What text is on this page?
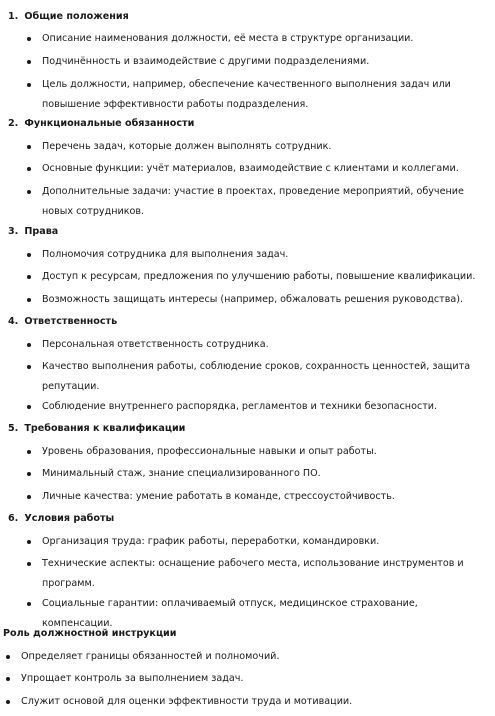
1. Общие положения
Описание наименования должности, её места в структуре организации.
Подчинённость и взаимодействие с другими подразделениями.
Цель должности, например, обеспечение качественного выполнения задач или повышение эффективности работы подразделения.
2. Функциональные обязанности
Перечень задач, которые должен выполнять сотрудник.
Основные функции: учёт материалов, взаимодействие с клиентами и коллегами.
Дополнительные задачи: участие в проектах, проведение мероприятий, обучение новых сотрудников.
3. Права
Полномочия сотрудника для выполнения задач.
Доступ к ресурсам, предложения по улучшению работы, повышение квалификации.
Возможность защищать интересы (например, обжаловать решения руководства).
4. Ответственность
Персональная ответственность сотрудника.
Качество выполнения работы, соблюдение сроков, сохранность ценностей, защита репутации.
Соблюдение внутреннего распорядка, регламентов и техники безопасности.
5. Требования к квалификации
Уровень образования, профессиональные навыки и опыт работы.
Минимальный стаж, знание специализированного ПО.
Личные качества: умение работать в команде, стрессоустойчивость.
6. Условия работы
Организация труда: график работы, переработки, командировки.
Технические аспекты: оснащение рабочего места, использование инструментов и программ.
Социальные гарантии: оплачиваемый отпуск, медицинское страхование, компенсации.
Роль должностной инструкции
Определяет границы обязанностей и полномочий.
Упрощает контроль за выполнением задач.
Служит основой для оценки эффективности труда и мотивации.
